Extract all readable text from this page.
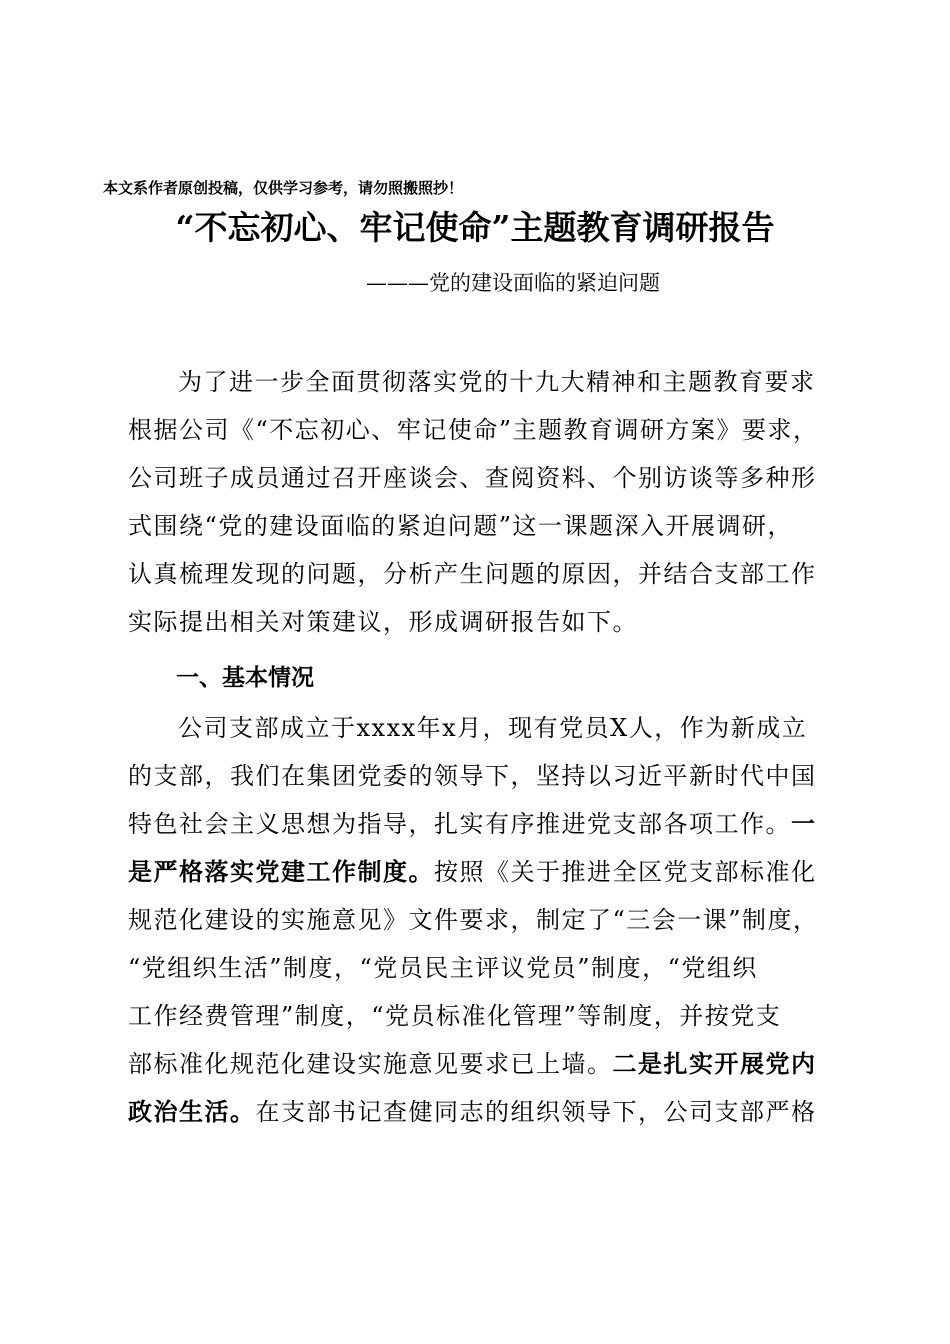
本文系作者原创投稿，仅供学习参考，请勿照搬照抄！
“不忘初心、牢记使命”主题教育调研报告
———党的建设面临的紧迫问题
为了进一步全面贯彻落实党的十九大精神和主题教育要求
根据公司《“不忘初心、牢记使命”主题教育调研方案》要求，
公司班子成员通过召开座谈会、查阅资料、个别访谈等多种形
式围绕“党的建设面临的紧迫问题”这一课题深入开展调研，
认真梳理发现的问题，分析产生问题的原因，并结合支部工作
实际提出相关对策建议，形成调研报告如下。
一、基本情况
公司支部成立于xxxx年x月，现有党员X人，作为新成立
的支部，我们在集团党委的领导下，坚持以习近平新时代中国
特色社会主义思想为指导，扎实有序推进党支部各项工作。一
是严格落实党建工作制度。按照《关于推进全区党支部标准化
规范化建设的实施意见》文件要求，制定了“三会一课”制度，
“党组织生活”制度，“党员民主评议党员”制度，“党组织
工作经费管理”制度，“党员标准化管理”等制度，并按党支
部标准化规范化建设实施意见要求已上墙。二是扎实开展党内
政治生活。在支部书记查健同志的组织领导下，公司支部严格
